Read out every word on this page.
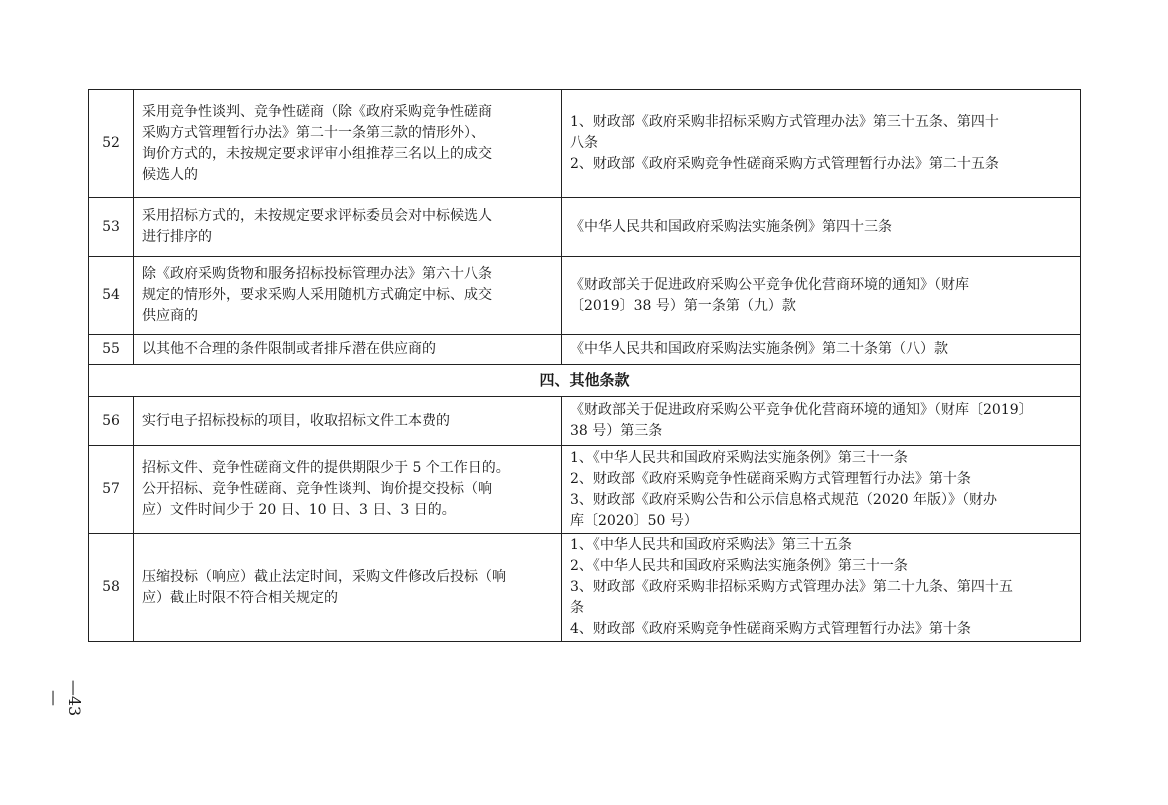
52	采用竞争性谈判、竞争性磋商（除《政府采购竞争性磋商
采购方式管理暂行办法》第二十一条第三款的情形外）、
询价方式的，未按规定要求评审小组推荐三名以上的成交
候选人的	1、财政部《政府采购非招标采购方式管理办法》第三十五条、第四十
八条
2、财政部《政府采购竞争性磋商采购方式管理暂行办法》第二十五条

53	采用招标方式的，未按规定要求评标委员会对中标候选人
进行排序的	《中华人民共和国政府采购法实施条例》第四十三条

54	除《政府采购货物和服务招标投标管理办法》第六十八条
规定的情形外，要求采购人采用随机方式确定中标、成交
供应商的	《财政部关于促进政府采购公平竞争优化营商环境的通知》（财库
〔2019〕38 号）第一条第（九）款

55	以其他不合理的条件限制或者排斥潜在供应商的	《中华人民共和国政府采购法实施条例》第二十条第（八）款

四、其他条款		
56	实行电子招标投标的项目，收取招标文件工本费的	《财政部关于促进政府采购公平竞争优化营商环境的通知》（财库〔2019〕
38 号）第三条

57	招标文件、竞争性磋商文件的提供期限少于 5 个工作日的。
公开招标、竞争性磋商、竞争性谈判、询价提交投标（响
应）文件时间少于 20 日、10 日、3 日、3 日的。	1、《中华人民共和国政府采购法实施条例》第三十一条
2、财政部《政府采购竞争性磋商采购方式管理暂行办法》第十条
3、财政部《政府采购公告和公示信息格式规范（2020 年版）》（财办
库〔2020〕50 号）

58	压缩投标（响应）截止法定时间，采购文件修改后投标（响
应）截止时限不符合相关规定的	1、《中华人民共和国政府采购法》第三十五条
2、《中华人民共和国政府采购法实施条例》第三十一条
3、财政部《政府采购非招标采购方式管理办法》第二十九条、第四十五
条
4、财政部《政府采购竞争性磋商采购方式管理暂行办法》第十条
—43—
